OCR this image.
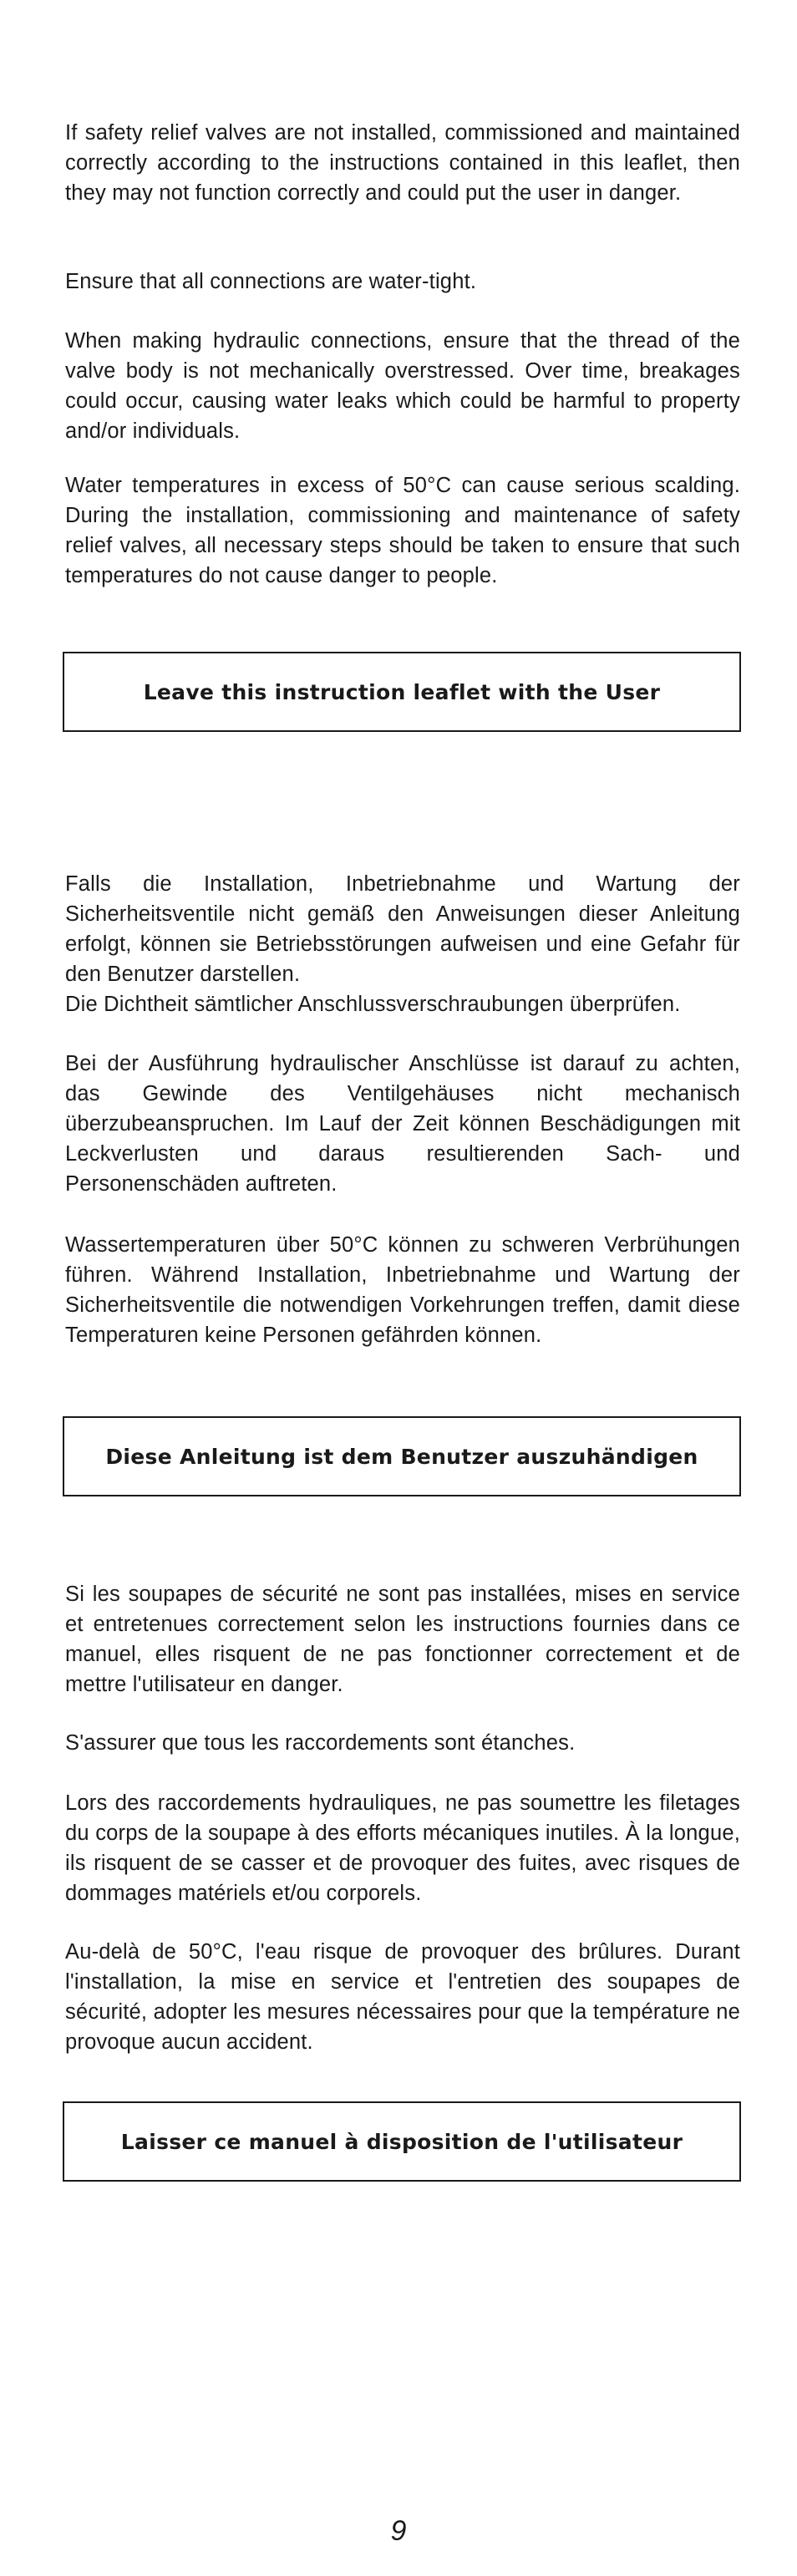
If safety relief valves are not installed, commissioned and maintained correctly according to the instructions contained in this leaflet, then they may not function correctly and could put the user in danger.

Ensure that all connections are water-tight.

When making hydraulic connections, ensure that the thread of the valve body is not mechanically overstressed. Over time, breakages could occur, causing water leaks which could be harmful to property and/or individuals.

Water temperatures in excess of 50°C can cause serious scalding. During the installation, commissioning and maintenance of safety relief valves, all necessary steps should be taken to ensure that such temperatures do not cause danger to people.

Leave this instruction leaflet with the User

Falls die Installation, Inbetriebnahme und Wartung der Sicherheitsventile nicht gemäß den Anweisungen dieser Anleitung erfolgt, können sie Betriebsstörungen aufweisen und eine Gefahr für den Benutzer darstellen.

Die Dichtheit sämtlicher Anschlussverschraubungen überprüfen.

Bei der Ausführung hydraulischer Anschlüsse ist darauf zu achten, das Gewinde des Ventilgehäuses nicht mechanisch überzubeanspruchen. Im Lauf der Zeit können Beschädigungen mit Leckverlusten und daraus resultierenden Sach- und Personenschäden auftreten.

Wassertemperaturen über 50°C können zu schweren Verbrühungen führen. Während Installation, Inbetriebnahme und Wartung der Sicherheitsventile die notwendigen Vorkehrungen treffen, damit diese Temperaturen keine Personen gefährden können.

Diese Anleitung ist dem Benutzer auszuhändigen

Si les soupapes de sécurité ne sont pas installées, mises en service et entretenues correctement selon les instructions fournies dans ce manuel, elles risquent de ne pas fonctionner correctement et de mettre l'utilisateur en danger.

S'assurer que tous les raccordements sont étanches.

Lors des raccordements hydrauliques, ne pas soumettre les filetages du corps de la soupape à des efforts mécaniques inutiles. À la longue, ils risquent de se casser et de provoquer des fuites, avec risques de dommages matériels et/ou corporels.

Au-delà de 50°C, l'eau risque de provoquer des brûlures. Durant l'installation, la mise en service et l'entretien des soupapes de sécurité, adopter les mesures nécessaires pour que la température ne provoque aucun accident.

Laisser ce manuel à disposition de l'utilisateur
9
